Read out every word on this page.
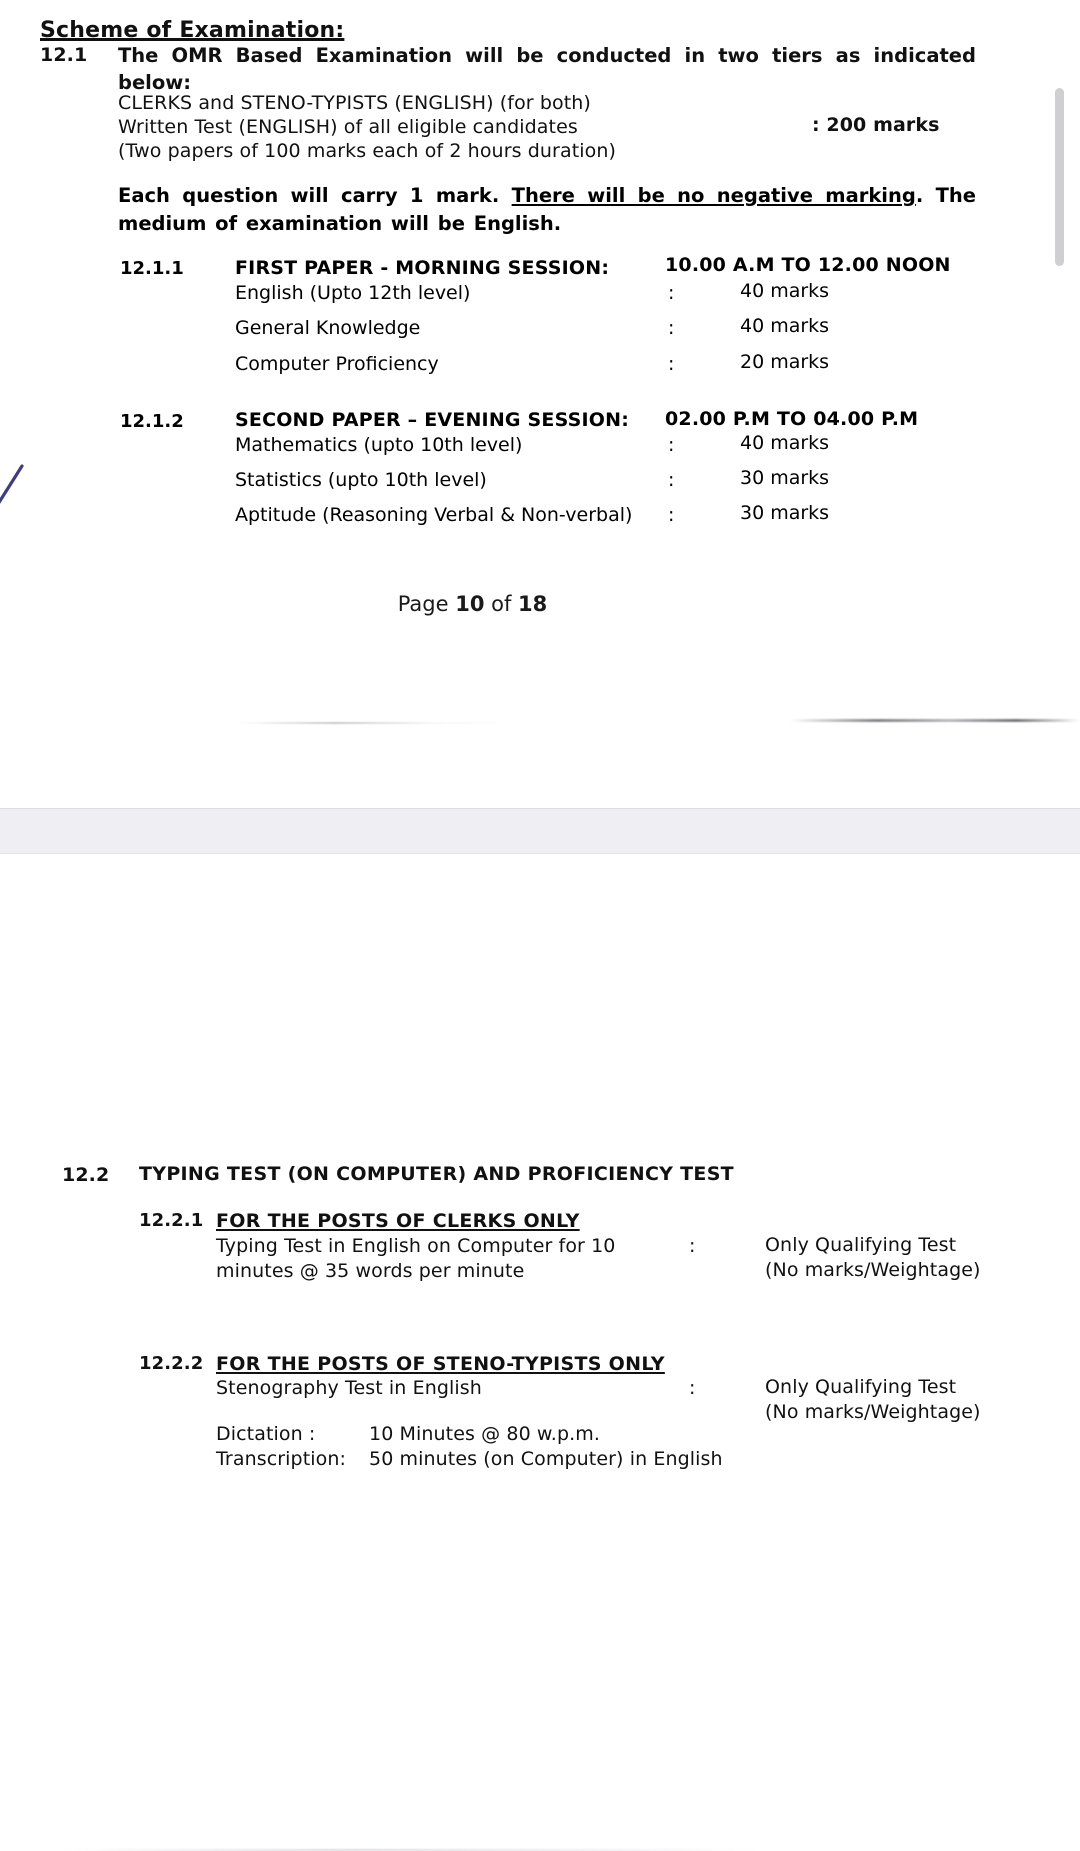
Scheme of Examination:
12.1 The OMR Based Examination will be conducted in two tiers as indicated below:
CLERKS and STENO-TYPISTS (ENGLISH) (for both)
Written Test (ENGLISH) of all eligible candidates	: 200 marks
(Two papers of 100 marks each of 2 hours duration)
Each question will carry 1 mark. There will be no negative marking. The medium of examination will be English.
12.1.1	FIRST PAPER - MORNING SESSION:	10.00 A.M TO 12.00 NOON
English (Upto 12th level)	:	40 marks
General Knowledge	:	40 marks
Computer Proficiency	:	20 marks
12.1.2	SECOND PAPER – EVENING SESSION: 02.00 P.M TO 04.00 P.M
Mathematics (upto 10th level)	:	40 marks
Statistics (upto 10th level)	:	30 marks
Aptitude (Reasoning Verbal & Non-verbal) :	30 marks
Page 10 of 18
12.2 TYPING TEST (ON COMPUTER) AND PROFICIENCY TEST
12.2.1 FOR THE POSTS OF CLERKS ONLY
Typing Test in English on Computer for 10
minutes @ 35 words per minute
:	Only Qualifying Test
(No marks/Weightage)
12.2.2 FOR THE POSTS OF STENO-TYPISTS ONLY
Stenography Test in English	:	Only Qualifying Test
(No marks/Weightage)
Dictation :	10 Minutes @ 80 w.p.m.
Transcription: 50 minutes (on Computer) in English
